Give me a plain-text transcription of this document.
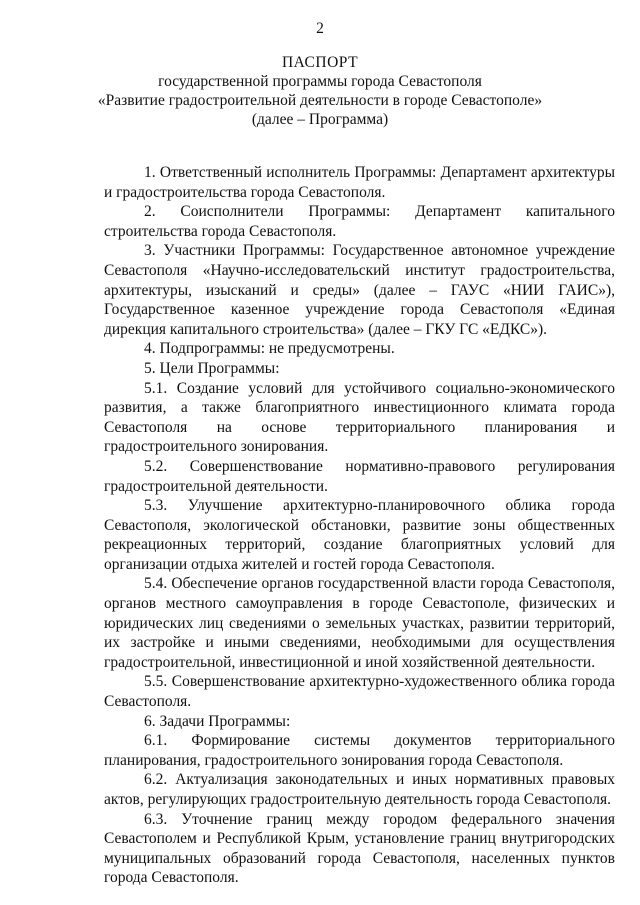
2
ПАСПОРТ
государственной программы города Севастополя
«Развитие градостроительной деятельности в городе Севастополе»
(далее – Программа)

1. Ответственный исполнитель Программы: Департамент архитектуры и градостроительства города Севастополя.

2. Соисполнители Программы: Департамент капитального строительства города Севастополя.

3. Участники Программы: Государственное автономное учреждение Севастополя «Научно-исследовательский институт градостроительства, архитектуры, изысканий и среды» (далее – ГАУС «НИИ ГАИС»), Государственное казенное учреждение города Севастополя «Единая дирекция капитального строительства» (далее – ГКУ ГС «ЕДКС»).

4. Подпрограммы: не предусмотрены.

5. Цели Программы:

5.1. Создание условий для устойчивого социально-экономического развития, а также благоприятного инвестиционного климата города Севастополя на основе территориального планирования и градостроительного зонирования.

5.2. Совершенствование нормативно-правового регулирования градостроительной деятельности.

5.3. Улучшение архитектурно-планировочного облика города Севастополя, экологической обстановки, развитие зоны общественных рекреационных территорий, создание благоприятных условий для организации отдыха жителей и гостей города Севастополя.

5.4. Обеспечение органов государственной власти города Севастополя, органов местного самоуправления в городе Севастополе, физических и юридических лиц сведениями о земельных участках, развитии территорий, их застройке и иными сведениями, необходимыми для осуществления градостроительной, инвестиционной и иной хозяйственной деятельности.

5.5. Совершенствование архитектурно-художественного облика города Севастополя.

6. Задачи Программы:

6.1. Формирование системы документов территориального планирования, градостроительного зонирования города Севастополя.

6.2. Актуализация законодательных и иных нормативных правовых актов, регулирующих градостроительную деятельность города Севастополя.

6.3. Уточнение границ между городом федерального значения Севастополем и Республикой Крым, установление границ внутригородских муниципальных образований города Севастополя, населенных пунктов города Севастополя.
